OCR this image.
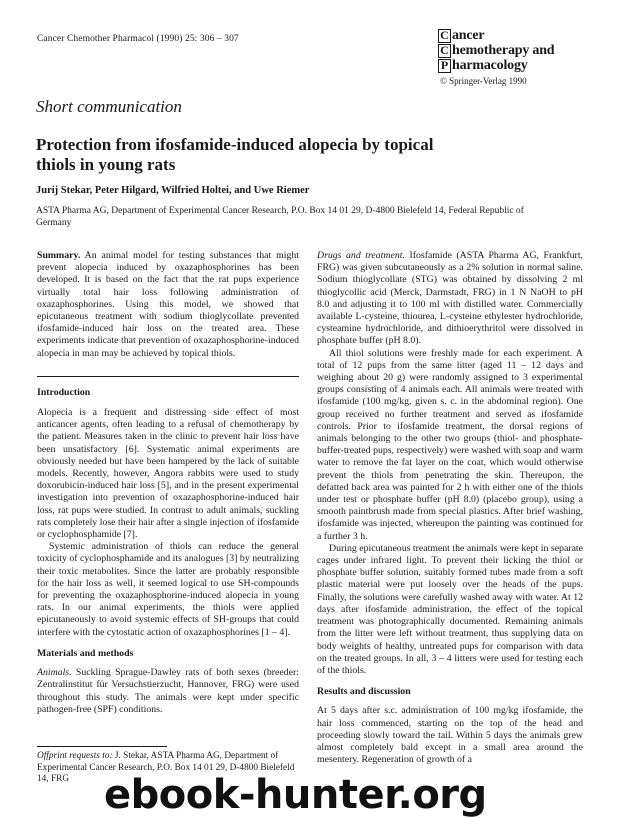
Cancer Chemother Pharmacol (1990) 25: 306 – 307	C ancer
C hemotherapy and
P harmacology
© Springer-Verlag 1990
Short communication
Protection from ifosfamide-induced alopecia by topical thiols in young rats
Jurij Stekar, Peter Hilgard, Wilfried Holtei, and Uwe Riemer
ASTA Pharma AG, Department of Experimental Cancer Research, P.O. Box 14 01 29, D-4800 Bielefeld 14, Federal Republic of Germany

Summary. An animal model for testing substances that might prevent alopecia induced by oxazaphosphorines has been developed. It is based on the fact that the rat pups experience virtually total hair loss following administration of oxazaphosphorines. Using this model, we showed that epicutaneous treatment with sodium thioglycollate prevented ifosfamide-induced hair loss on the treated area. These experiments indicate that prevention of oxazaphosphorine-induced alopecia in man may be achieved by topical thiols.

Introduction

Alopecia is a frequent and distressing side effect of most anticancer agents, often leading to a refusal of chemotherapy by the patient. Measures taken in the clinic to prevent hair loss have been unsatisfactory [6]. Systematic animal experiments are obviously needed but have been hampered by the lack of suitable models. Recently, however, Angora rabbits were used to study doxorubicin-induced hair loss [5], and in the present experimental investigation into prevention of oxazaphosphorine-induced hair loss, rat pups were studied. In contrast to adult animals, suckling rats completely lose their hair after a single injection of ifosfamide or cyclophosphamide [7].

Systemic administration of thiols can reduce the general toxicity of cyclophosphamide and its analogues [3] by neutralizing their toxic metabolites. Since the latter are probably responsible for the hair loss as well, it seemed logical to use SH-compounds for preventing the oxazaphosphorine-induced alopecia in young rats. In our animal experiments, the thiols were applied epicutaneously to avoid systemic effects of SH-groups that could interfere with the cytostatic action of oxazaphosphorines [1 – 4].

Materials and methods

Animals. Suckling Sprague-Dawley rats of both sexes (breeder: Zentralinstitut für Versuchstierzucht, Hannover, FRG) were used throughout this study. The animals were kept under specific pathogen-free (SPF) conditions.

Offprint requests to: J. Stekar, ASTA Pharma AG, Department of Experimental Cancer Research, P.O. Box 14 01 29, D-4800 Bielefeld 14, FRG

Drugs and treatment. Ifosfamide (ASTA Pharma AG, Frankfurt, FRG) was given subcutaneously as a 2% solution in normal saline. Sodium thioglycollate (STG) was obtained by dissolving 2 ml thioglycollic acid (Merck, Darmstadt, FRG) in 1 N NaOH to pH 8.0 and adjusting it to 100 ml with distilled water. Commercially available L-cysteine, thiourea, L-cysteine ethylester hydrochloride, cysteamine hydrochloride, and dithioerythritol were dissolved in phosphate buffer (pH 8.0).

All thiol solutions were freshly made for each experiment. A total of 12 pups from the same litter (aged 11 – 12 days and weighing about 20 g) were randomly assigned to 3 experimental groups consisting of 4 animals each. All animals were treated with ifosfamide (100 mg/kg, given s. c. in the abdominal region). One group received no further treatment and served as ifosfamide controls. Prior to ifosfamide treatment, the dorsal regions of animals belonging to the other two groups (thiol- and phosphate-buffer-treated pups, respectively) were washed with soap and warm water to remove the fat layer on the coat, which would otherwise prevent the thiols from penetrating the skin. Thereupon, the defatted back area was painted for 2 h with either one of the thiols under test or phosphate buffer (pH 8.0) (placebo group), using a smooth paintbrush made from special plastics. After brief washing, ifosfamide was injected, whereupon the painting was continued for a further 3 h.

During epicutaneous treatment the animals were kept in separate cages under infrared light. To prevent their licking the thiol or phosphate buffer solution, suitably formed tubes made from a soft plastic material were put loosely over the heads of the pups. Finally, the solutions were carefully washed away with water. At 12 days after ifosfamide administration, the effect of the topical treatment was photographically documented. Remaining animals from the litter were left without treatment, thus supplying data on body weights of healthy, untreated pups for comparison with data on the treated groups. In all, 3 – 4 litters were used for testing each of the thiols.

Results and discussion

At 5 days after s.c. administration of 100 mg/kg ifosfamide, the hair loss commenced, starting on the top of the head and proceeding slowly toward the tail. Within 5 days the animals grew almost completely bald except in a small area around the mesentery. Regeneration of growth of a

ebook-hunter.org
